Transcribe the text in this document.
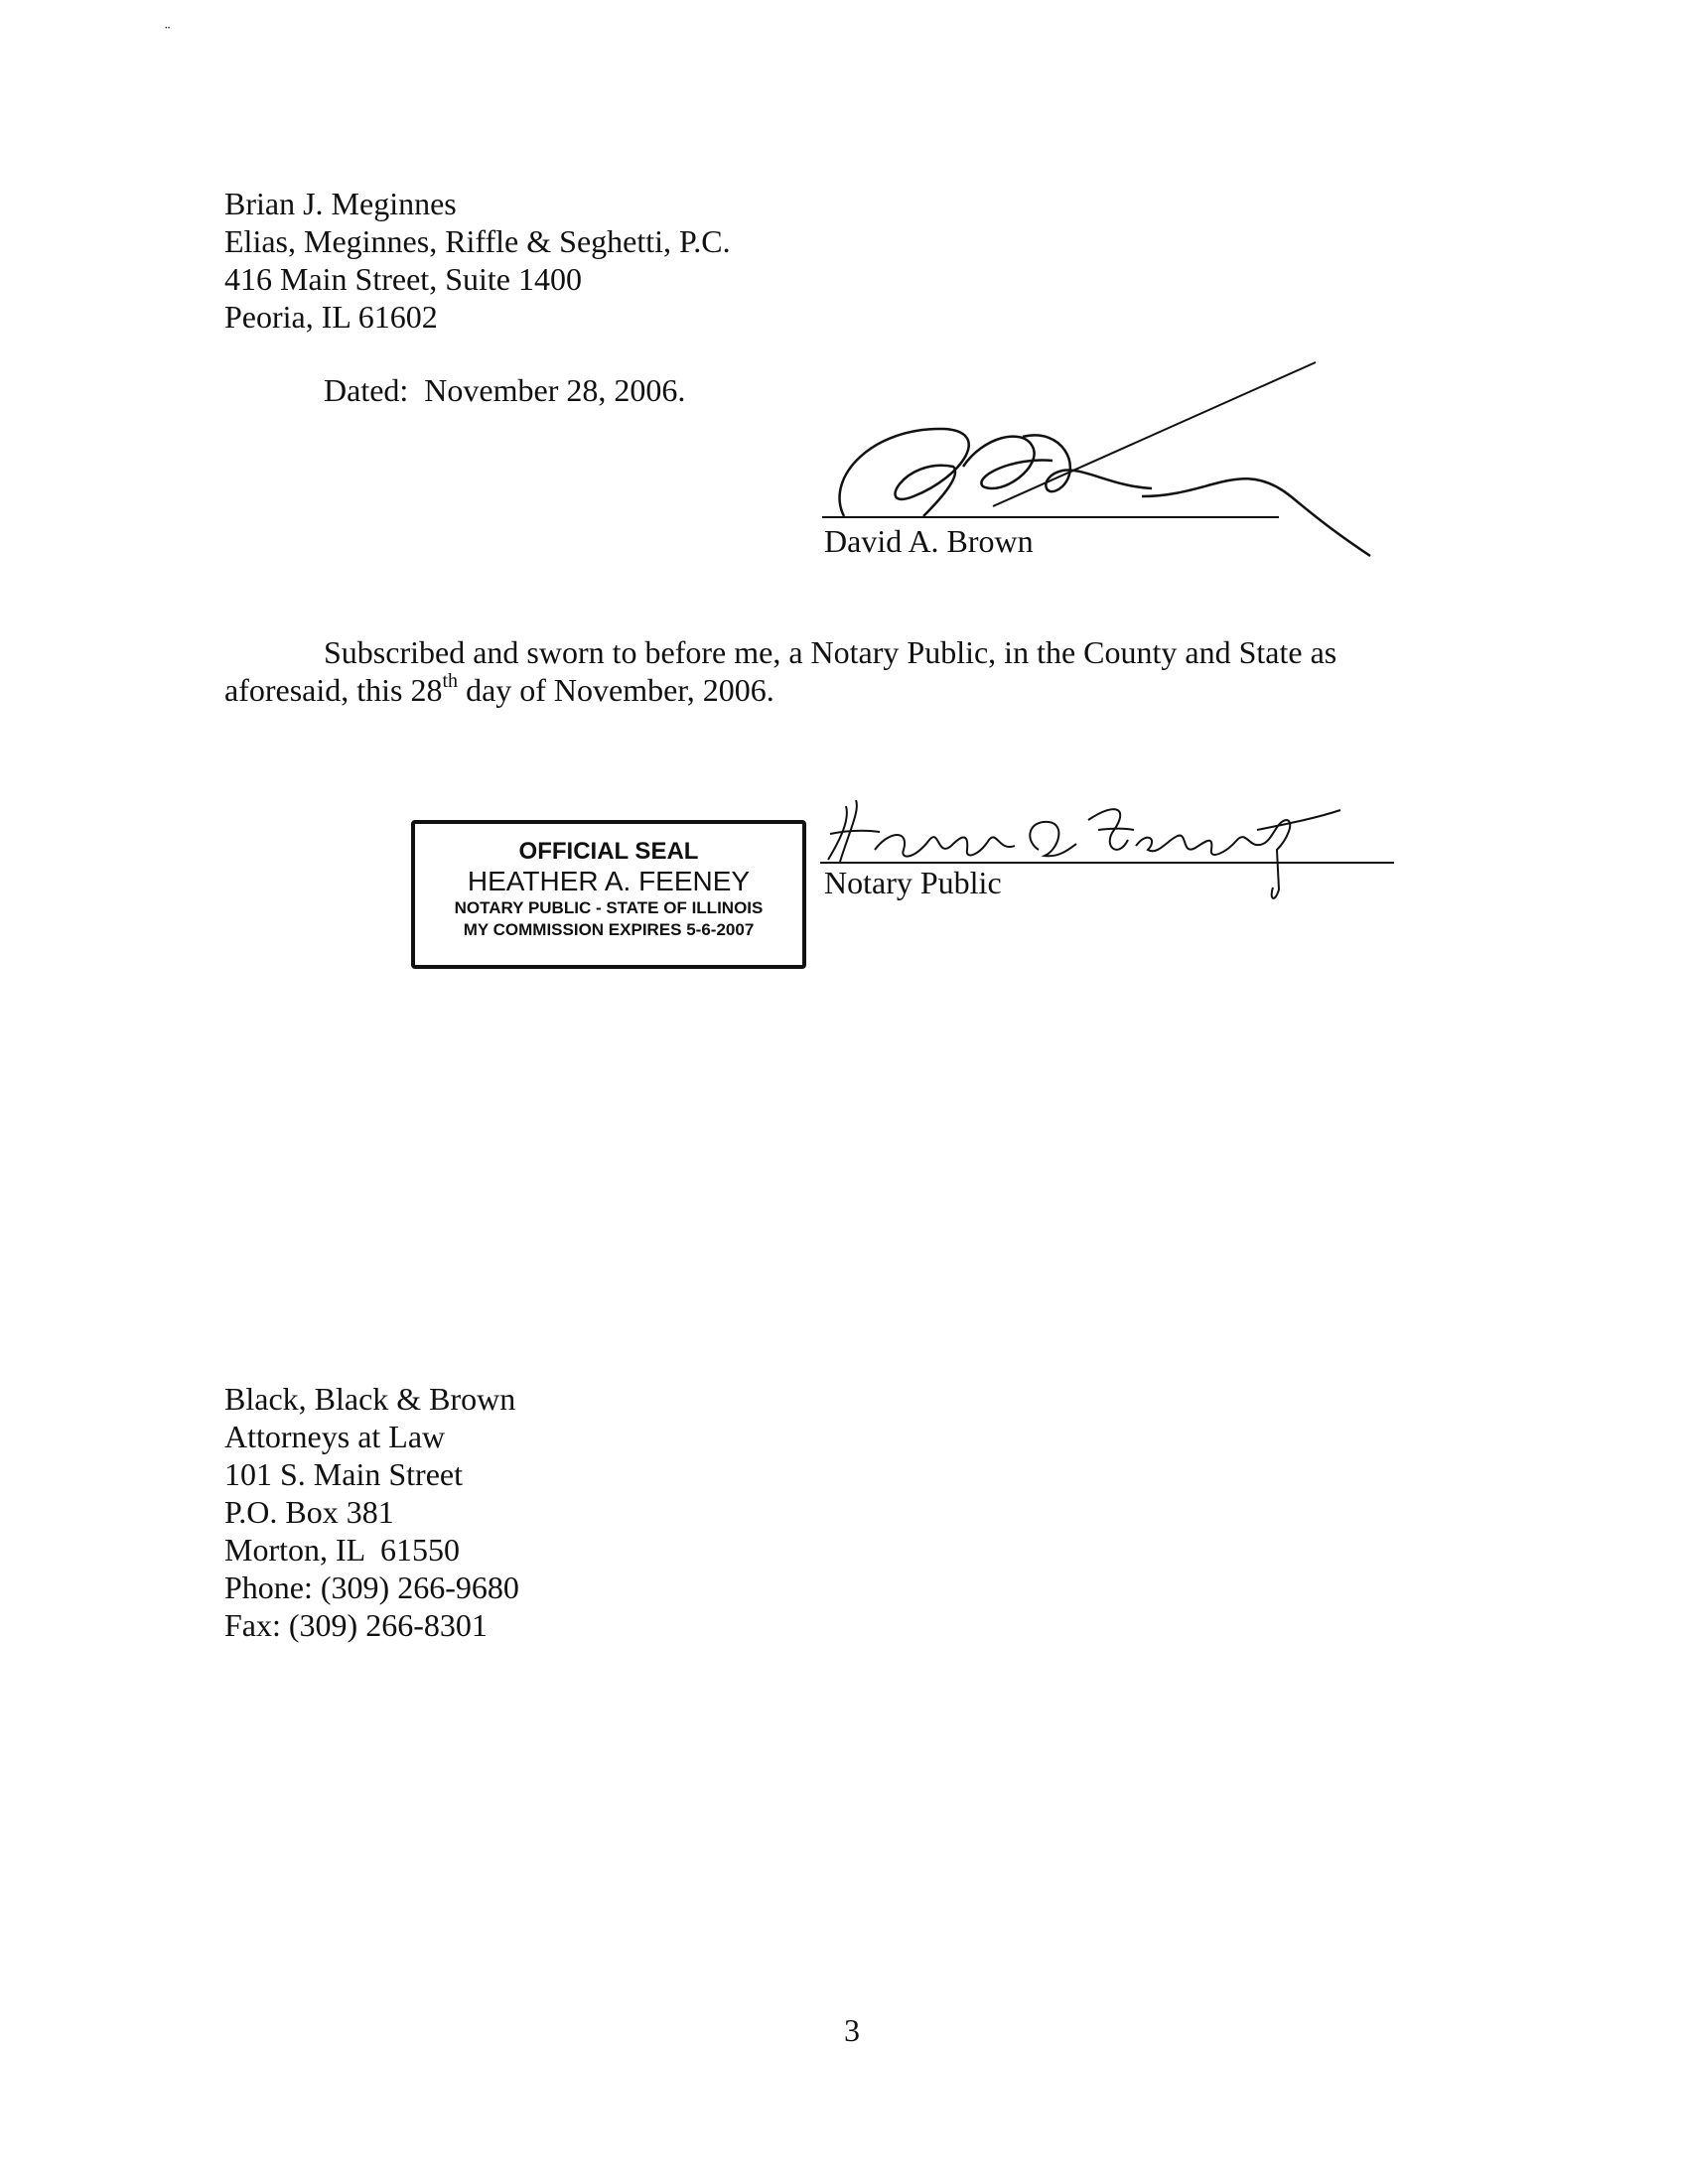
¨
Brian J. Meginnes
Elias, Meginnes, Riffle & Seghetti, P.C.
416 Main Street, Suite 1400
Peoria, IL 61602
Dated:  November 28, 2006.
David A. Brown
Subscribed and sworn to before me, a Notary Public, in the County and State as
aforesaid, this 28th day of November, 2006.
OFFICIAL SEAL
HEATHER A. FEENEY
NOTARY PUBLIC - STATE OF ILLINOIS
MY COMMISSION EXPIRES 5-6-2007
Notary Public
Black, Black & Brown
Attorneys at Law
101 S. Main Street
P.O. Box 381
Morton, IL  61550
Phone: (309) 266-9680
Fax: (309) 266-8301
3
